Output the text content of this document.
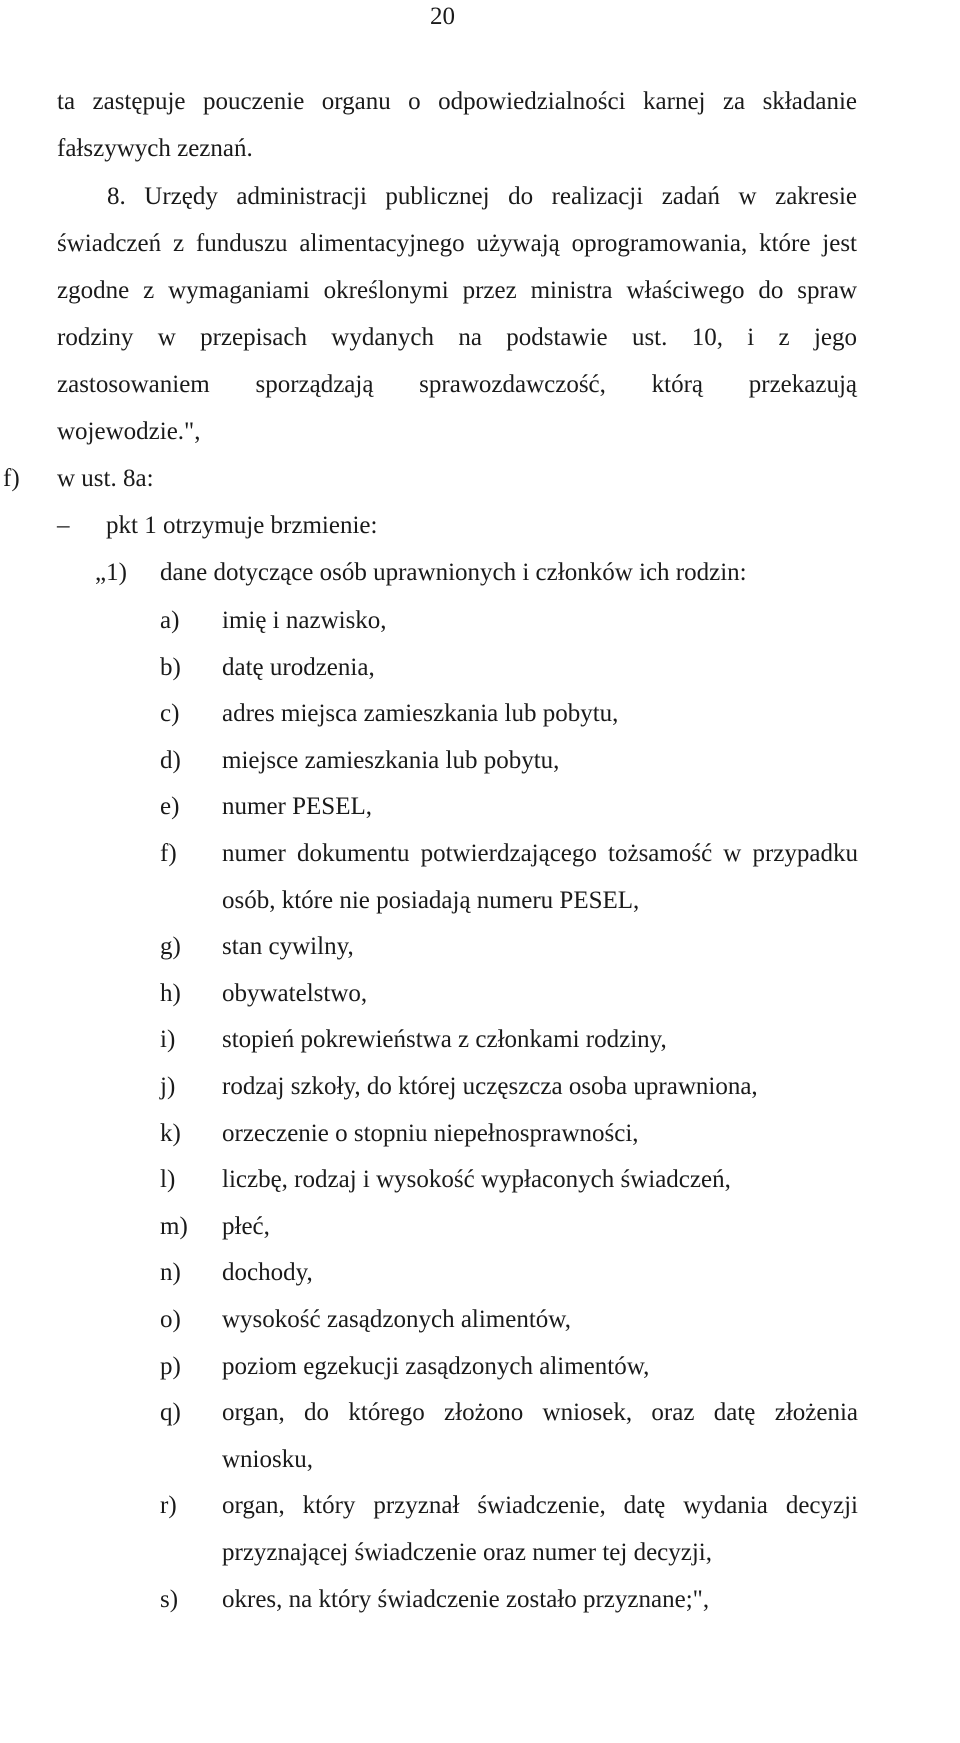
20
ta zastępuje pouczenie organu o odpowiedzialności karnej za składanie
fałszywych zeznań.
8. Urzędy administracji publicznej do realizacji zadań w zakresie
świadczeń z funduszu alimentacyjnego używają oprogramowania, które jest
zgodne z wymaganiami określonymi przez ministra właściwego do spraw
rodziny w przepisach wydanych na podstawie ust. 10, i z jego
zastosowaniem sporządzają sprawozdawczość, którą przekazują
wojewodzie.",
f) w ust. 8a:
– pkt 1 otrzymuje brzmienie:
„1) dane dotyczące osób uprawnionych i członków ich rodzin:
a) imię i nazwisko,
b) datę urodzenia,
c) adres miejsca zamieszkania lub pobytu,
d) miejsce zamieszkania lub pobytu,
e) numer PESEL,
f) numer dokumentu potwierdzającego tożsamość w przypadku
osób, które nie posiadają numeru PESEL,
g) stan cywilny,
h) obywatelstwo,
i) stopień pokrewieństwa z członkami rodziny,
j) rodzaj szkoły, do której uczęszcza osoba uprawniona,
k) orzeczenie o stopniu niepełnosprawności,
l) liczbę, rodzaj i wysokość wypłaconych świadczeń,
m) płeć,
n) dochody,
o) wysokość zasądzonych alimentów,
p) poziom egzekucji zasądzonych alimentów,
q) organ, do którego złożono wniosek, oraz datę złożenia
wniosku,
r) organ, który przyznał świadczenie, datę wydania decyzji
przyznającej świadczenie oraz numer tej decyzji,
s) okres, na który świadczenie zostało przyznane;",
